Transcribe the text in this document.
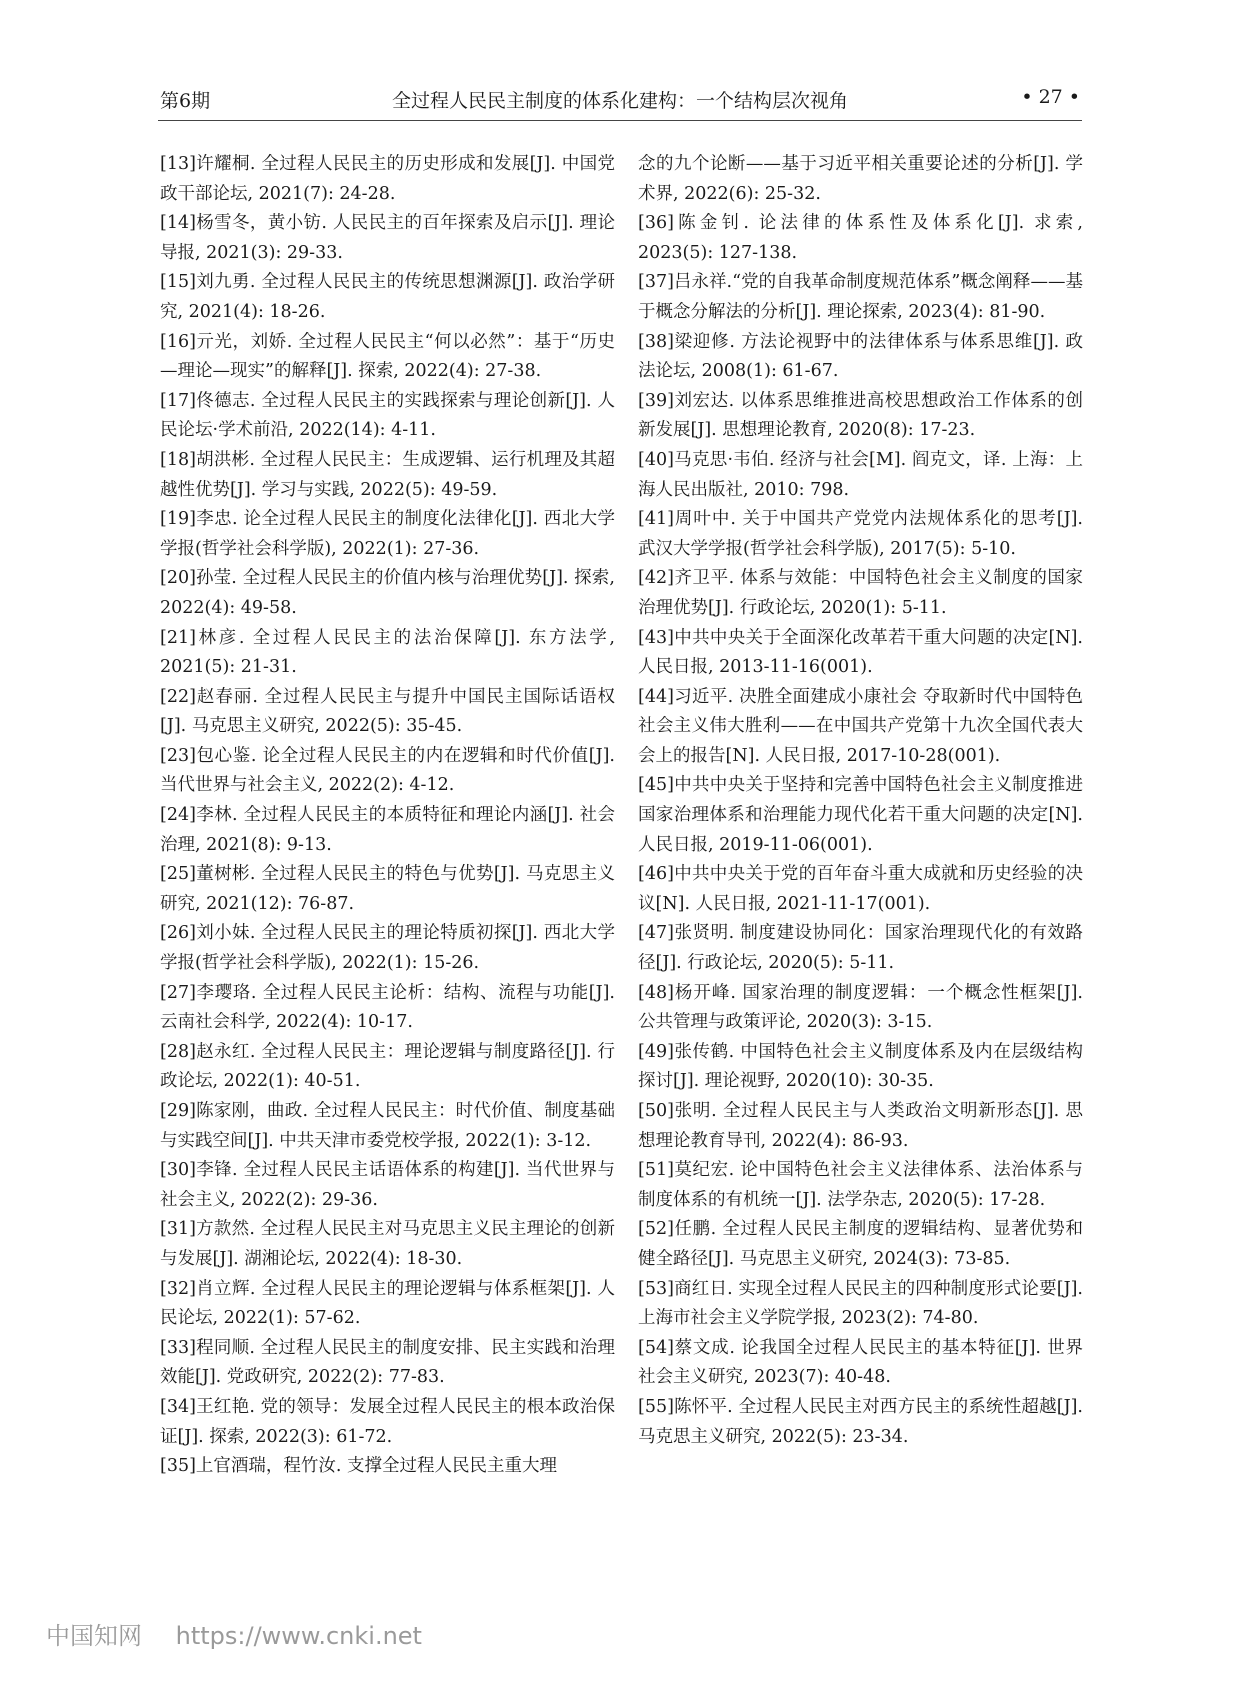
第6期	全过程人民民主制度的体系化建构：一个结构层次视角	• 27 •

[13]许耀桐. 全过程人民民主的历史形成和发展[J]. 中国党政干部论坛, 2021(7): 24-28.

[14]杨雪冬，黄小钫. 人民民主的百年探索及启示[J]. 理论导报, 2021(3): 29-33.

[15]刘九勇. 全过程人民民主的传统思想渊源[J]. 政治学研究, 2021(4): 18-26.

[16]亓光，刘娇. 全过程人民民主“何以必然”：基于“历史—理论—现实”的解释[J]. 探索, 2022(4): 27-38.

[17]佟德志. 全过程人民民主的实践探索与理论创新[J]. 人民论坛·学术前沿, 2022(14): 4-11.

[18]胡洪彬. 全过程人民民主：生成逻辑、运行机理及其超越性优势[J]. 学习与实践, 2022(5): 49-59.

[19]李忠. 论全过程人民民主的制度化法律化[J]. 西北大学学报(哲学社会科学版), 2022(1): 27-36.

[20]孙莹. 全过程人民民主的价值内核与治理优势[J]. 探索, 2022(4): 49-58.

[21]林彦. 全过程人民民主的法治保障[J]. 东方法学, 2021(5): 21-31.

[22]赵春丽. 全过程人民民主与提升中国民主国际话语权[J]. 马克思主义研究, 2022(5): 35-45.

[23]包心鉴. 论全过程人民民主的内在逻辑和时代价值[J]. 当代世界与社会主义, 2022(2): 4-12.

[24]李林. 全过程人民民主的本质特征和理论内涵[J]. 社会治理, 2021(8): 9-13.

[25]董树彬. 全过程人民民主的特色与优势[J]. 马克思主义研究, 2021(12): 76-87.

[26]刘小妹. 全过程人民民主的理论特质初探[J]. 西北大学学报(哲学社会科学版), 2022(1): 15-26.

[27]李璎珞. 全过程人民民主论析：结构、流程与功能[J]. 云南社会科学, 2022(4): 10-17.

[28]赵永红. 全过程人民民主：理论逻辑与制度路径[J]. 行政论坛, 2022(1): 40-51.

[29]陈家刚，曲政. 全过程人民民主：时代价值、制度基础与实践空间[J]. 中共天津市委党校学报, 2022(1): 3-12.

[30]李锋. 全过程人民民主话语体系的构建[J]. 当代世界与社会主义, 2022(2): 29-36.

[31]方款然. 全过程人民民主对马克思主义民主理论的创新与发展[J]. 湖湘论坛, 2022(4): 18-30.

[32]肖立辉. 全过程人民民主的理论逻辑与体系框架[J]. 人民论坛, 2022(1): 57-62.

[33]程同顺. 全过程人民民主的制度安排、民主实践和治理效能[J]. 党政研究, 2022(2): 77-83.

[34]王红艳. 党的领导：发展全过程人民民主的根本政治保证[J]. 探索, 2022(3): 61-72.

[35]上官酒瑞，程竹汝. 支撑全过程人民民主重大理

念的九个论断——基于习近平相关重要论述的分析[J]. 学术界, 2022(6): 25-32.

[36]陈金钊. 论法律的体系性及体系化[J]. 求索, 2023(5): 127-138.

[37]吕永祥.“党的自我革命制度规范体系”概念阐释——基于概念分解法的分析[J]. 理论探索, 2023(4): 81-90.

[38]梁迎修. 方法论视野中的法律体系与体系思维[J]. 政法论坛, 2008(1): 61-67.

[39]刘宏达. 以体系思维推进高校思想政治工作体系的创新发展[J]. 思想理论教育, 2020(8): 17-23.

[40]马克思·韦伯. 经济与社会[M]. 阎克文，译. 上海：上海人民出版社, 2010: 798.

[41]周叶中. 关于中国共产党党内法规体系化的思考[J]. 武汉大学学报(哲学社会科学版), 2017(5): 5-10.

[42]齐卫平. 体系与效能：中国特色社会主义制度的国家治理优势[J]. 行政论坛, 2020(1): 5-11.

[43]中共中央关于全面深化改革若干重大问题的决定[N]. 人民日报, 2013-11-16(001).

[44]习近平. 决胜全面建成小康社会 夺取新时代中国特色社会主义伟大胜利——在中国共产党第十九次全国代表大会上的报告[N]. 人民日报, 2017-10-28(001).

[45]中共中央关于坚持和完善中国特色社会主义制度推进国家治理体系和治理能力现代化若干重大问题的决定[N]. 人民日报, 2019-11-06(001).

[46]中共中央关于党的百年奋斗重大成就和历史经验的决议[N]. 人民日报, 2021-11-17(001).

[47]张贤明. 制度建设协同化：国家治理现代化的有效路径[J]. 行政论坛, 2020(5): 5-11.

[48]杨开峰. 国家治理的制度逻辑：一个概念性框架[J]. 公共管理与政策评论, 2020(3): 3-15.

[49]张传鹤. 中国特色社会主义制度体系及内在层级结构探讨[J]. 理论视野, 2020(10): 30-35.

[50]张明. 全过程人民民主与人类政治文明新形态[J]. 思想理论教育导刊, 2022(4): 86-93.

[51]莫纪宏. 论中国特色社会主义法律体系、法治体系与制度体系的有机统一[J]. 法学杂志, 2020(5): 17-28.

[52]任鹏. 全过程人民民主制度的逻辑结构、显著优势和健全路径[J]. 马克思主义研究, 2024(3): 73-85.

[53]商红日. 实现全过程人民民主的四种制度形式论要[J]. 上海市社会主义学院学报, 2023(2): 74-80.

[54]蔡文成. 论我国全过程人民民主的基本特征[J]. 世界社会主义研究, 2023(7): 40-48.

[55]陈怀平. 全过程人民民主对西方民主的系统性超越[J]. 马克思主义研究, 2022(5): 23-34.

中国知网 https://www.cnki.net
